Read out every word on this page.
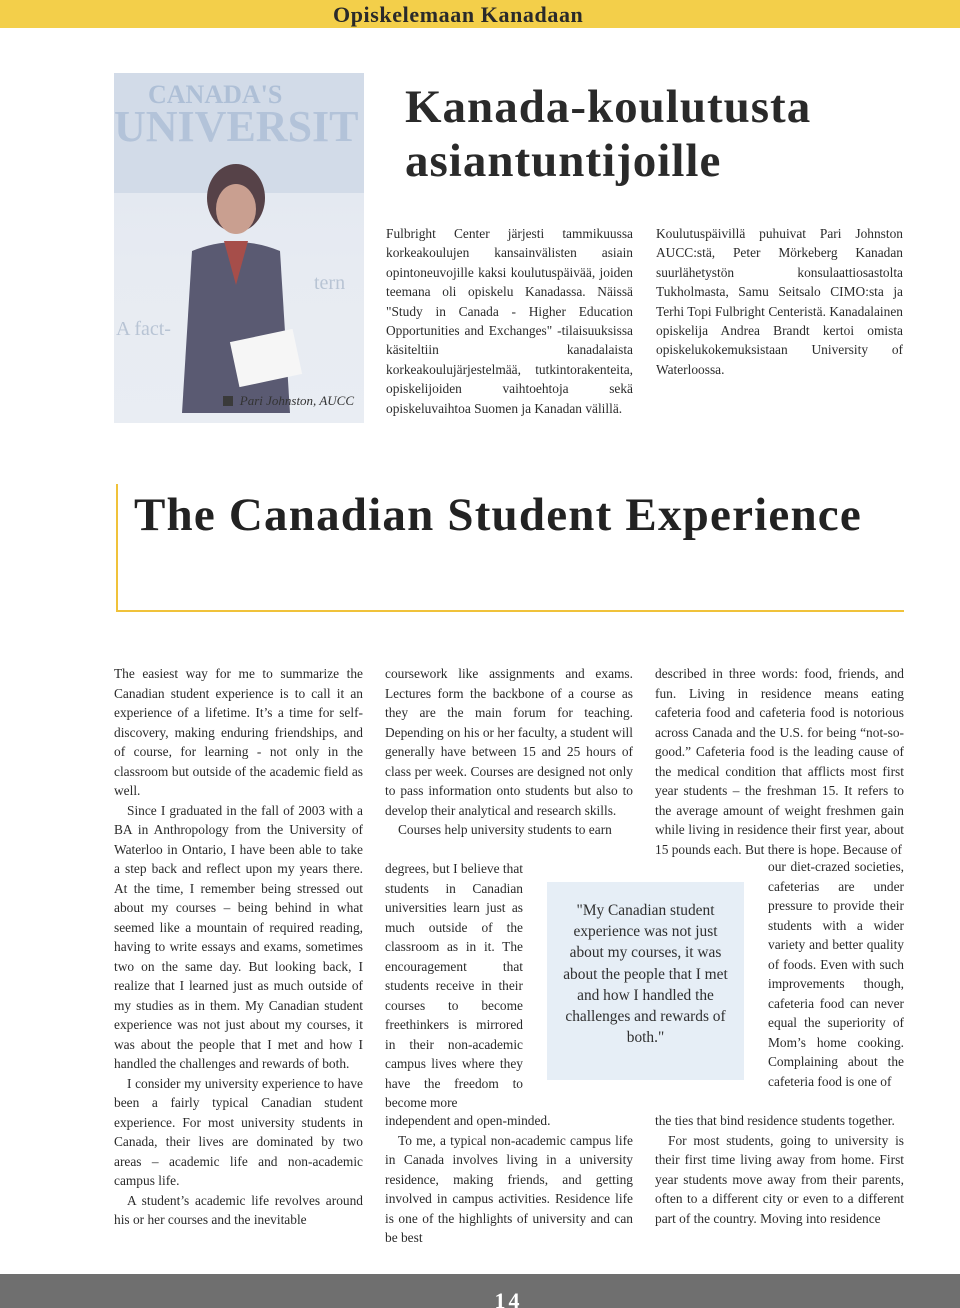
Opiskelemaan Kanadaan
CANADA'S
UNIVERSIT
A fact-
tern
Pari Johnston, AUCC
Kanada-koulutusta asiantuntijoille

Fulbright Center järjesti tammikuussa korkeakoulujen kansainvälisten asiain opintoneuvojille kaksi koulutuspäivää, joiden teemana oli opiskelu Kanadassa. Näissä "Study in Canada - Higher Education Opportunities and Exchanges" -tilaisuuksissa käsiteltiin kanadalaista korkeakoulujärjestelmää, tutkintorakenteita, opiskelijoiden vaihtoehtoja sekä opiskeluvaihtoa Suomen ja Kanadan välillä.

Koulutuspäivillä puhuivat Pari Johnston AUCC:stä, Peter Mörkeberg Kanadan suurlähetystön konsulaattiosastolta Tukholmasta, Samu Seitsalo CIMO:sta ja Terhi Topi Fulbright Centeristä. Kanadalainen opiskelija Andrea Brandt kertoi omista opiskelukokemuksistaan University of Waterloossa.

The Canadian Student Experience

The easiest way for me to summarize the Canadian student experience is to call it an experience of a lifetime. It’s a time for self-discovery, making enduring friendships, and of course, for learning - not only in the classroom but outside of the academic field as well.

Since I graduated in the fall of 2003 with a BA in Anthropology from the University of Waterloo in Ontario, I have been able to take a step back and reflect upon my years there. At the time, I remember being stressed out about my courses – being behind in what seemed like a mountain of required reading, having to write essays and exams, sometimes two on the same day. But looking back, I realize that I learned just as much outside of my studies as in them. My Canadian student experience was not just about my courses, it was about the people that I met and how I handled the challenges and rewards of both.

I consider my university experience to have been a fairly typical Canadian student experience. For most university students in Canada, their lives are dominated by two areas – academic life and non-academic campus life.

A student’s academic life revolves around his or her courses and the inevitable

coursework like assignments and exams. Lectures form the backbone of a course as they are the main forum for teaching. Depending on his or her faculty, a student will generally have between 15 and 25 hours of class per week. Courses are designed not only to pass information onto students but also to develop their analytical and research skills.

Courses help university students to earn

degrees, but I believe that students in Canadian universities learn just as much outside of the classroom as in it. The encouragement that students receive in their courses to become freethinkers is mirrored in their non-academic campus lives where they have the freedom to become more

independent and open-minded.

To me, a typical non-academic campus life in Canada involves living in a university residence, making friends, and getting involved in campus activities. Residence life is one of the highlights of university and can be best

"My Canadian student experience was not just about my courses, it was about the people that I met and how I handled the challenges and rewards of both."

described in three words: food, friends, and fun. Living in residence means eating cafeteria food and cafeteria food is notorious across Canada and the U.S. for being “not-so-good.” Cafeteria food is the leading cause of the medical condition that afflicts most first year students – the freshman 15. It refers to the average amount of weight freshmen gain while living in residence their first year, about 15 pounds each. But there is hope. Because of

our diet-crazed societies, cafeterias are under pressure to provide their students with a wider variety and better quality of foods. Even with such improvements though, cafeteria food can never equal the superiority of Mom’s home cooking. Complaining about the cafeteria food is one of

the ties that bind residence students together.

For most students, going to university is their first time living away from home. First year students move away from their parents, often to a different city or even to a different part of the country. Moving into residence

14
